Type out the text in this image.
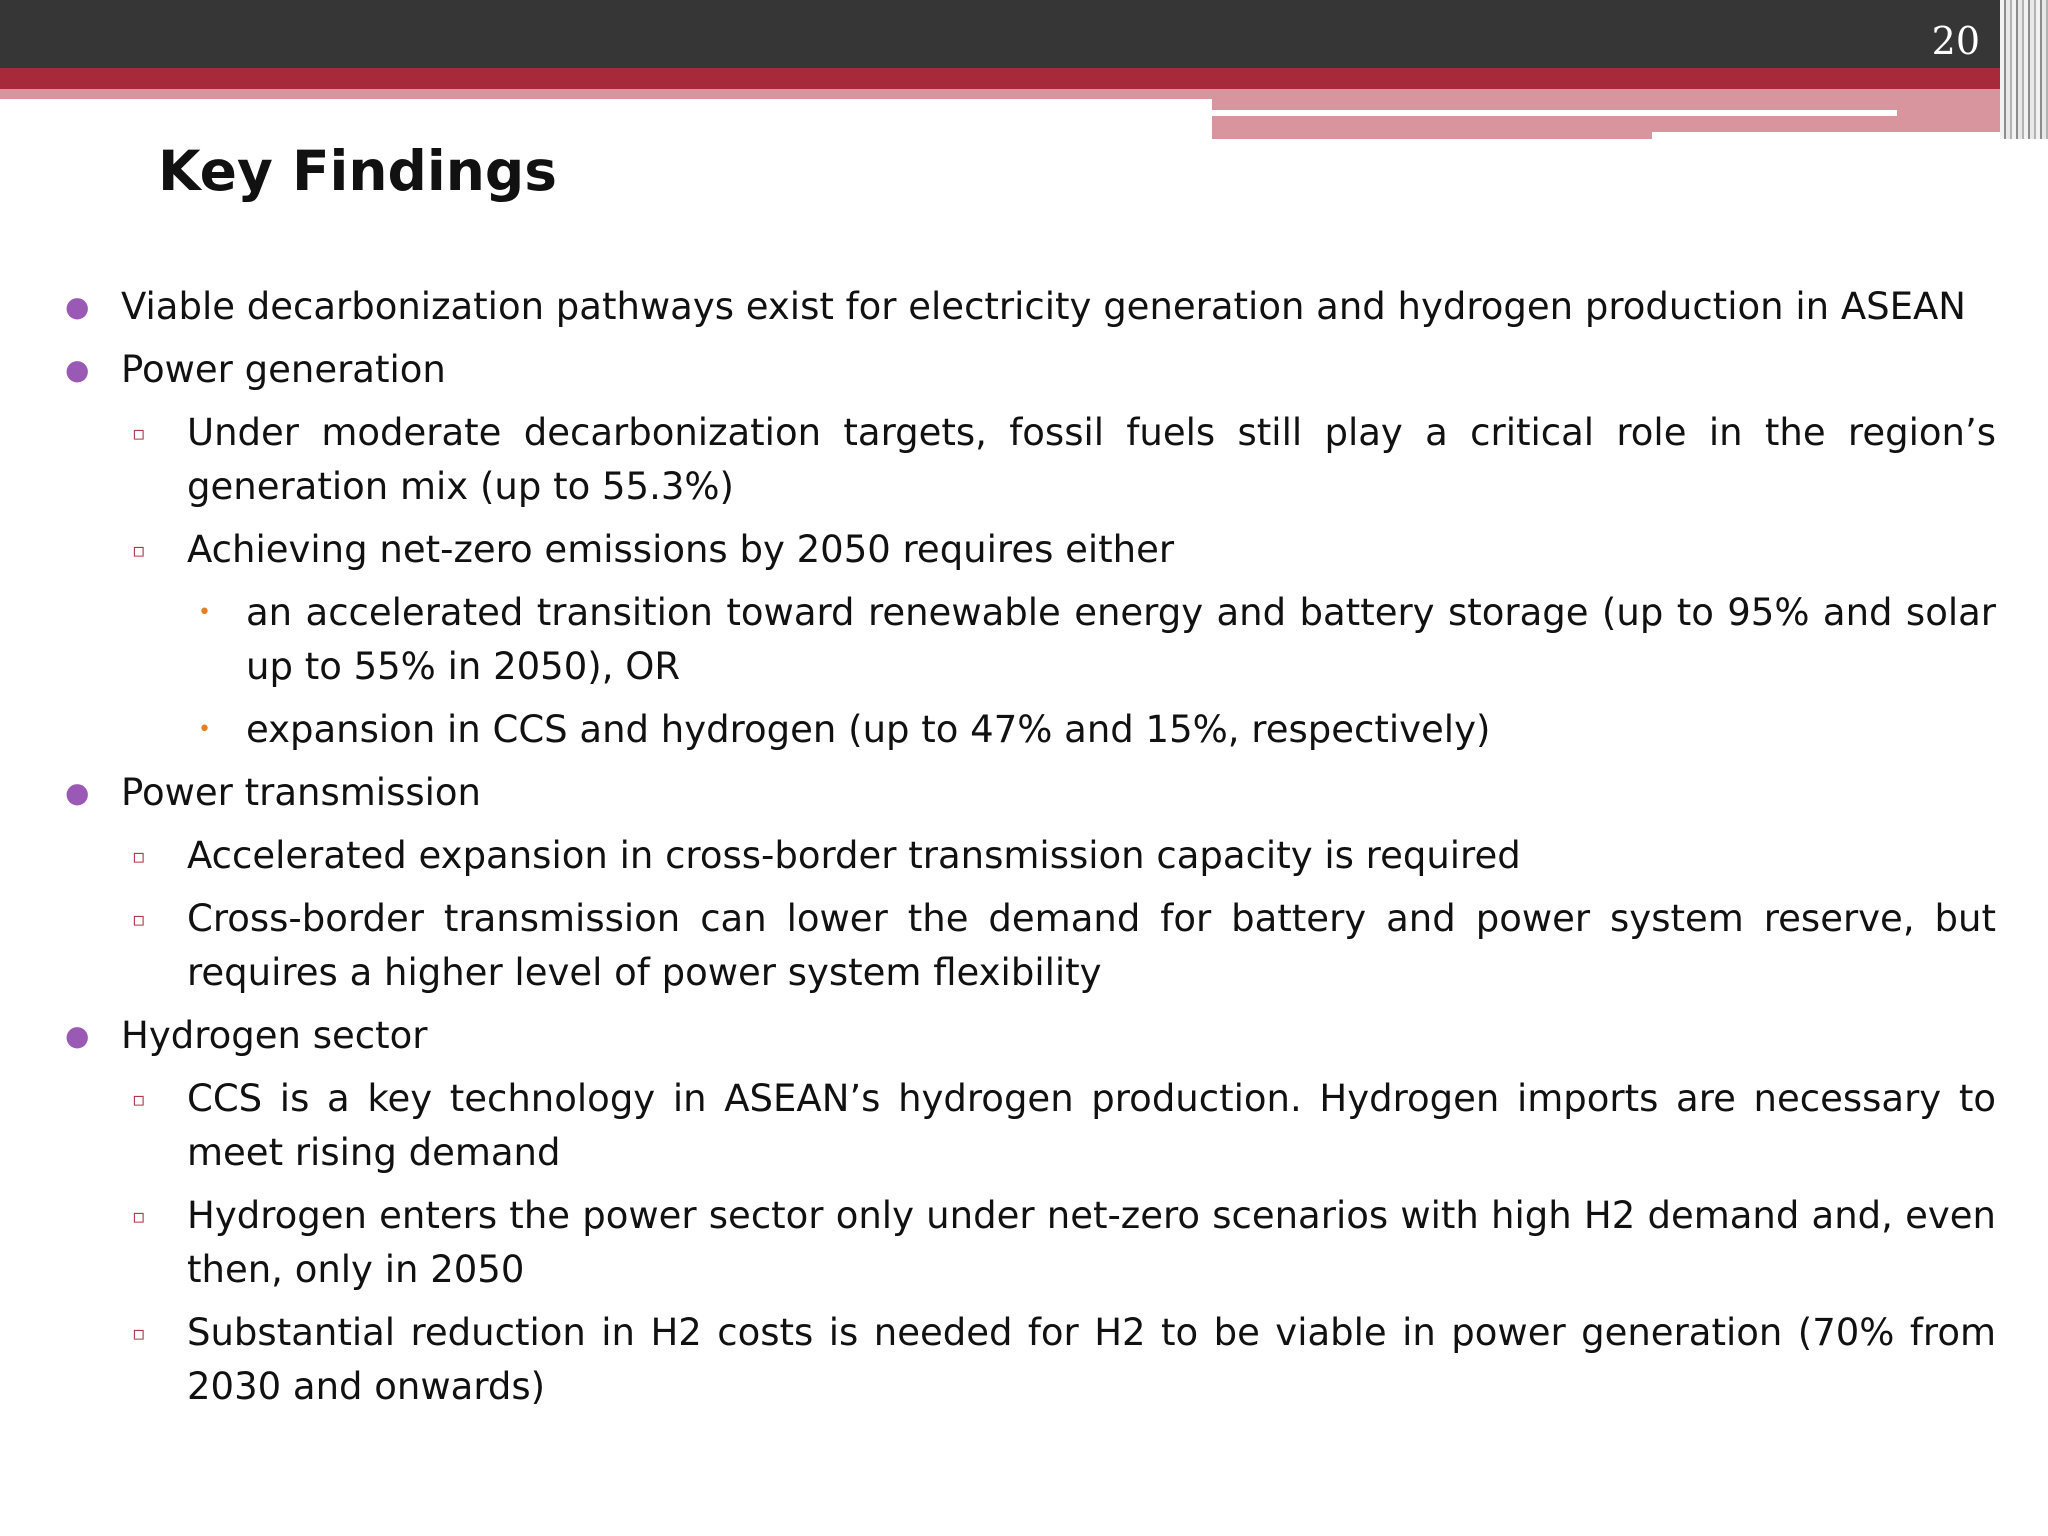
20
Key Findings
● Viable decarbonization pathways exist for electricity generation and hydrogen production in ASEAN
● Power generation
▫ Under moderate decarbonization targets, fossil fuels still play a critical role in the region’s generation mix (up to 55.3%)
▫ Achieving net-zero emissions by 2050 requires either
• an accelerated transition toward renewable energy and battery storage (up to 95% and solar up to 55% in 2050), OR
• expansion in CCS and hydrogen (up to 47% and 15%, respectively)
● Power transmission
▫ Accelerated expansion in cross-border transmission capacity is required
▫ Cross-border transmission can lower the demand for battery and power system reserve, but requires a higher level of power system flexibility
● Hydrogen sector
▫ CCS is a key technology in ASEAN’s hydrogen production. Hydrogen imports are necessary to meet rising demand
▫ Hydrogen enters the power sector only under net-zero scenarios with high H2 demand and, even then, only in 2050
▫ Substantial reduction in H2 costs is needed for H2 to be viable in power generation (70% from 2030 and onwards)
